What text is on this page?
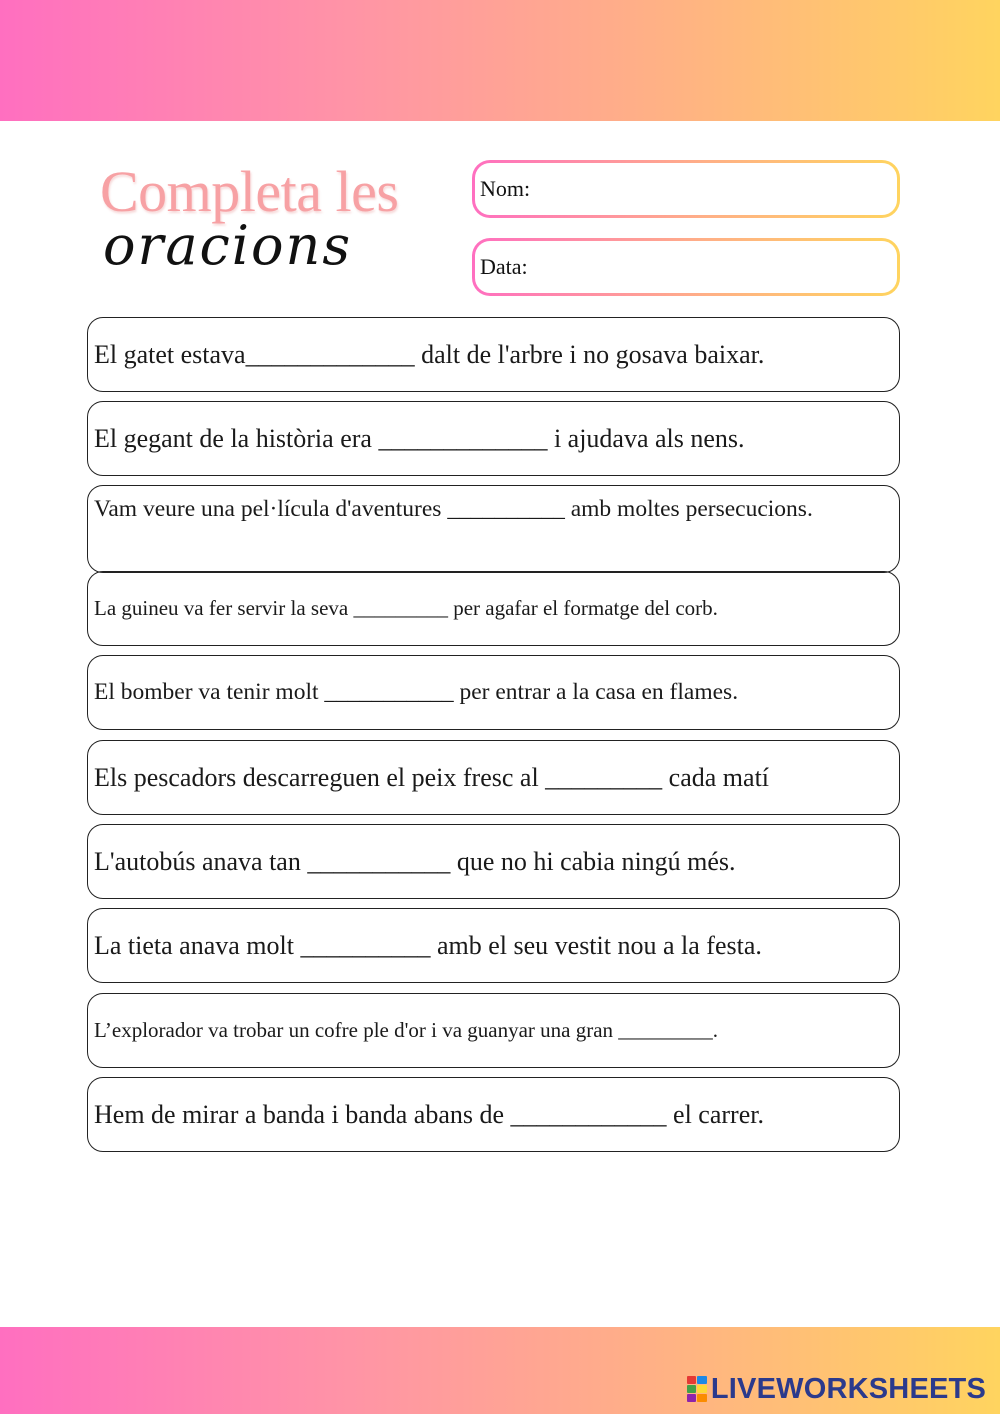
Completa les
oracions
Nom:
Data:
El gatet estava_____________ dalt de l'arbre i no gosava baixar.
El gegant de la història era _____________ i ajudava als nens.
Vam veure una pel·lícula d'aventures __________ amb moltes persecucions.
La guineu va fer servir la seva _________ per agafar el formatge del corb.
El bomber va tenir molt ___________ per entrar a la casa en flames.
Els pescadors descarreguen el peix fresc al _________ cada matí
L'autobús anava tan ___________ que no hi cabia ningú més.
La tieta anava molt __________ amb el seu vestit nou a la festa.
L’explorador va trobar un cofre ple d'or i va guanyar una gran _________.
Hem de mirar a banda i banda abans de ____________ el carrer.
LIVEWORKSHEETS
